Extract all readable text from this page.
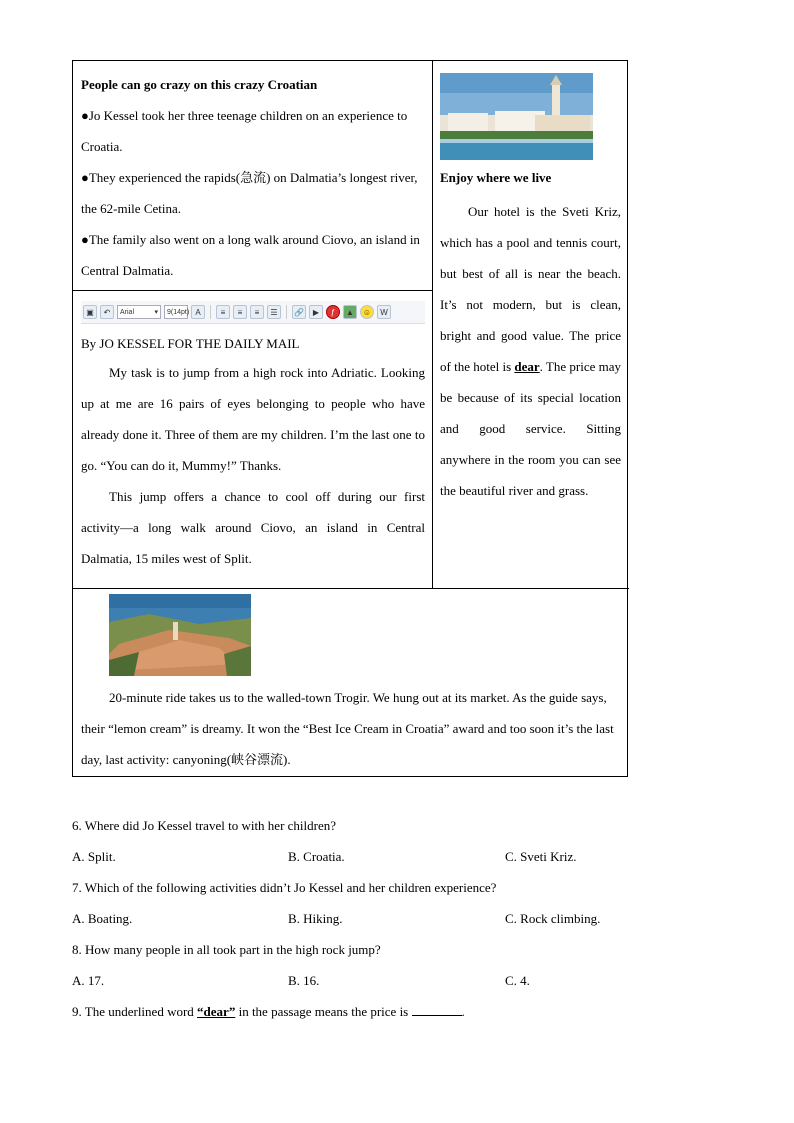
People can go crazy on this crazy Croatian

●Jo Kessel took her three teenage children on an experience to Croatia.

●They experienced the rapids(急流) on Dalmatia’s longest river, the 62-mile Cetina.

●The family also went on a long walk around Ciovo, an island in Central Dalmatia.

▣	↶	Arial	▾ 9(14pt) A	≡	≡	≡	☰	🔗	▶	ƒ	▲	☺	W

By JO KESSEL FOR THE DAILY MAIL

My task is to jump from a high rock into Adriatic. Looking up at me are 16 pairs of eyes belonging to people who have already done it. Three of them are my children. I’m the last one to go. “You can do it, Mummy!” Thanks.

This jump offers a chance to cool off during our first activity—a long walk around Ciovo, an island in Central Dalmatia, 15 miles west of Split.

Enjoy where we live

Our hotel is the Sveti Kriz, which has a pool and tennis court, but best of all is near the beach. It’s not modern, but is clean, bright and good value. The price of the hotel is dear. The price may be because of its special location and good service. Sitting anywhere in the room you can see the beautiful river and grass.

20-minute ride takes us to the walled-town Trogir. We hung out at its market. As the guide says, their “lemon cream” is dreamy. It won the “Best Ice Cream in Croatia” award and too soon it’s the last day, last activity: canyoning(峡谷漂流).

6. Where did Jo Kessel travel to with her children?
A. Split.	B. Croatia.	C. Sveti Kriz.
7. Which of the following activities didn’t Jo Kessel and her children experience?
A. Boating.	B. Hiking.	C. Rock climbing.
8. How many people in all took part in the high rock jump?
A. 17.	B. 16.	C. 4.
9. The underlined word “dear” in the passage means the price is	.
